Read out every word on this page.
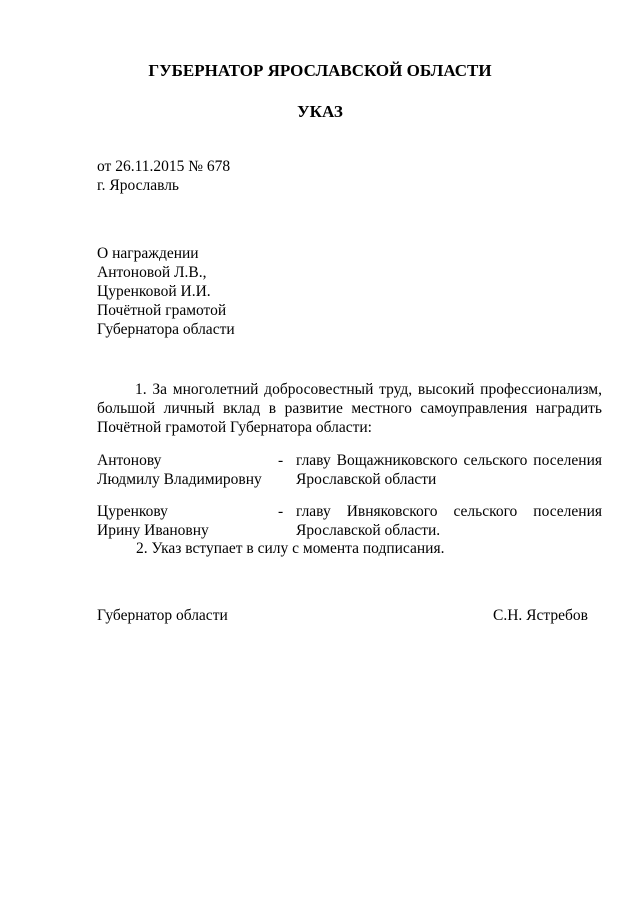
ГУБЕРНАТОР ЯРОСЛАВСКОЙ ОБЛАСТИ
УКАЗ
от 26.11.2015 № 678
г. Ярославль
О награждении
Антоновой Л.В.,
Цуренковой И.И.
Почётной грамотой
Губернатора области
1. За многолетний добросовестный труд, высокий профессионализм, большой личный вклад в развитие местного самоуправления наградить Почётной грамотой Губернатора области:
Антонову
Людмилу Владимировну
- главу Вощажниковского сельского поселения
Ярославской области
Цуренкову
Ирину Ивановну
- главу Ивняковского сельского поселения
Ярославской области.
2. Указ вступает в силу с момента подписания.
Губернатор области	С.Н. Ястребов
